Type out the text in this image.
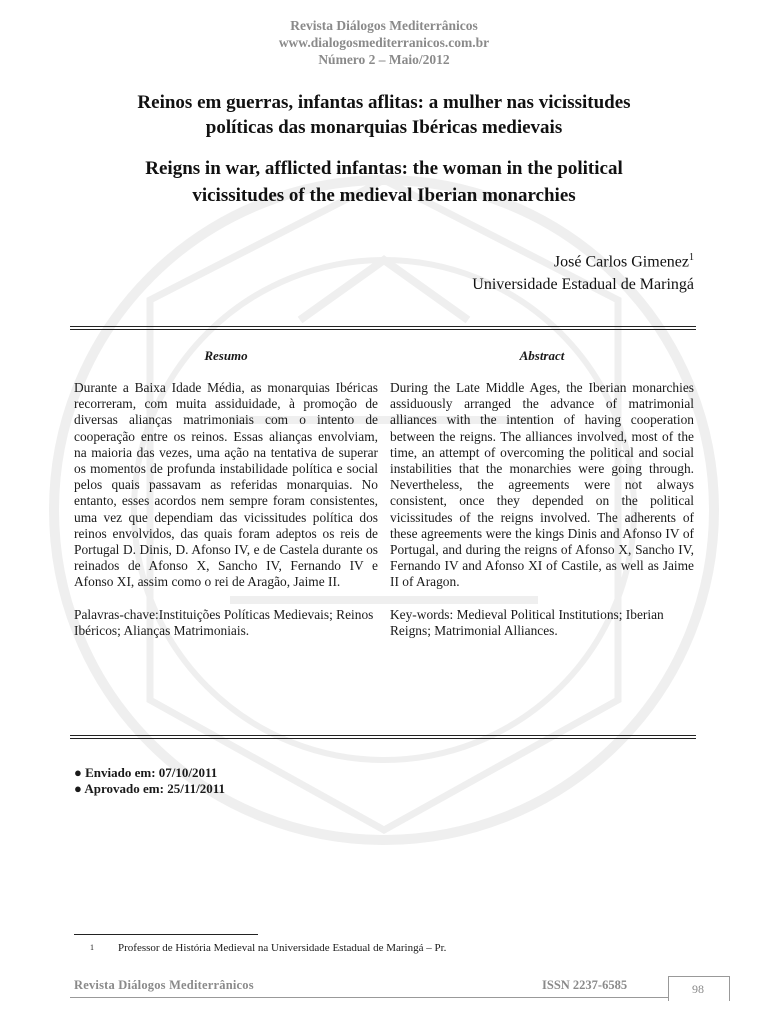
Revista Diálogos Mediterrânicos
www.dialogosmediterranicos.com.br
Número 2 – Maio/2012
Reinos em guerras, infantas aflitas: a mulher nas vicissitudes
políticas das monarquias Ibéricas medievais
Reigns in war, afflicted infantas: the woman in the political
vicissitudes of the medieval Iberian monarchies
José Carlos Gimenez$^1$
Universidade Estadual de Maringá
Resumo	Abstract

Durante a Baixa Idade Média, as monarquias Ibéricas recorreram, com muita assiduidade, à promoção de diversas alianças matrimoniais com o intento de cooperação entre os reinos. Essas alianças envolviam, na maioria das vezes, uma ação na tentativa de superar os momentos de profunda instabilidade política e social pelos quais passavam as referidas monarquias. No entanto, esses acordos nem sempre foram consistentes, uma vez que dependiam das vicissitudes política dos reinos envolvidos, das quais foram adeptos os reis de Portugal D. Dinis, D. Afonso IV, e de Castela durante os reinados de Afonso X, Sancho IV, Fernando IV e Afonso XI, assim como o rei de Aragão, Jaime II.

Palavras-chave:Instituições Políticas Medievais; Reinos Ibéricos; Alianças Matrimoniais.

During the Late Middle Ages, the Iberian monarchies assiduously arranged the advance of matrimonial alliances with the intention of having cooperation between the reigns. The alliances involved, most of the time, an attempt of overcoming the political and social instabilities that the monarchies were going through. Nevertheless, the agreements were not always consistent, once they depended on the political vicissitudes of the reigns involved. The adherents of these agreements were the kings Dinis and Afonso IV of Portugal, and during the reigns of Afonso X, Sancho IV, Fernando IV and Afonso XI of Castile, as well as Jaime II of Aragon.

Key-words: Medieval Political Institutions; Iberian Reigns; Matrimonial Alliances.

● Enviado em: 07/10/2011
● Aprovado em: 25/11/2011
1 Professor de História Medieval na Universidade Estadual de Maringá – Pr.
Revista Diálogos Mediterrânicos	ISSN 2237-6585	98
